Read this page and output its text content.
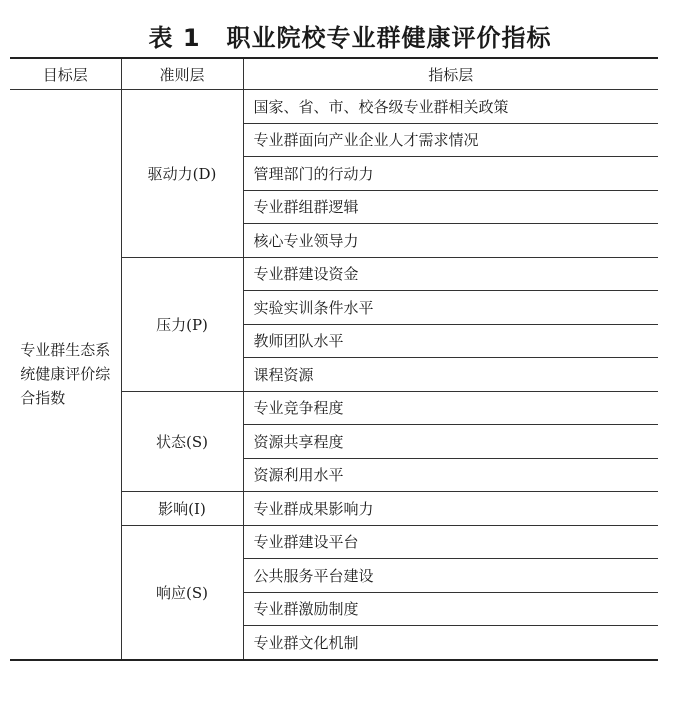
表 1 职业院校专业群健康评价指标
目标层	准则层	指标层
专业群生态系统健康评价综合指数	驱动力(D)	国家、省、市、校各级专业群相关政策
		专业群面向产业企业人才需求情况
		管理部门的行动力
		专业群组群逻辑
		核心专业领导力
	压力(P)	专业群建设资金
		实验实训条件水平
		教师团队水平
		课程资源
	状态(S)	专业竞争程度
		资源共享程度
		资源利用水平
	影响(I)	专业群成果影响力
	响应(S)	专业群建设平台
		公共服务平台建设
		专业群激励制度
		专业群文化机制
